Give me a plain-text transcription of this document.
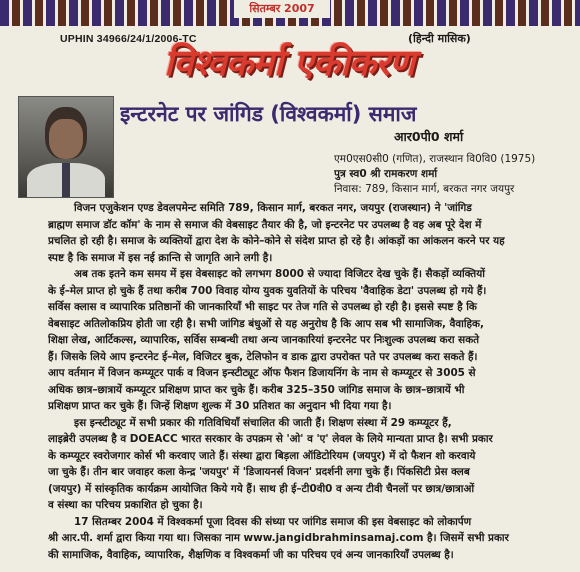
सितम्बर 2007
UPHIN 34966/24/1/2006-TC	(हिन्दी मासिक)
विश्वकर्मा एकीकरण
इन्टरनेट पर जांगिड (विश्वकर्मा) समाज
आर0पी0 शर्मा
एम0एस0सी0 (गणित), राजस्थान वि0वि0 (1975)
पुत्र स्व0 श्री रामकरण शर्मा
निवास: 789, किसान मार्ग, बरकत नगर जयपुर

विजन एजुकेशन एण्ड डेवलपमेन्ट समिति 789, किसान मार्ग, बरकत नगर, जयपुर (राजस्थान) ने 'जांगिड
ब्राह्मण समाज डॉट कॉम' के नाम से समाज की वेबसाइट तैयार की है, जो इन्टरनेट पर उपलब्ध है वह अब पूरे देश में
प्रचलित हो रही है। समाज के व्यक्तियों द्वारा देश के कोने–कोने से संदेश प्राप्त हो रहे है। आंकड़ों का आंकलन करने पर यह
स्पष्ट है कि समाज में इस नई क्रान्ति से जागृति आने लगी है।

अब तक इतने कम समय में इस वेबसाइट को लगभग 8000 से ज्यादा विजिटर देख चुके हैं। सैकड़ों व्यक्तियों
के ई–मेल प्राप्त हो चुके हैं तथा करीब 700 विवाह योग्य युवक युवतियों के परिचय 'वैवाहिक डेटा' उपलब्ध हो गये हैं।
सर्विस क्लास व व्यापारिक प्रतिष्ठानों की जानकारियाँ भी साइट पर तेज गति से उपलब्ध हो रही है। इससे स्पष्ट है कि
वेबसाइट अतिलोकप्रिय होती जा रही है। सभी जांगिड बंधुओं से यह अनुरोध है कि आप सब भी सामाजिक, वैवाहिक,
शिक्षा लेख, आर्टिकल्स, व्यापारिक, सर्विस सम्बन्धी तथा अन्य जानकारियां इन्टरनेट पर निःशुल्क उपलब्ध करा सकते
हैं। जिसके लिये आप इन्टरनेट ई–मेल, विजिटर बुक, टेलिफोन व डाक द्वारा उपरोक्त पते पर उपलब्ध करा सकते हैं।
आप वर्तमान में विजन कम्प्यूटर पार्क व विजन इन्स्टीट्यूट ऑफ फैशन डिजायनिंग के नाम से कम्प्यूटर से 3005 से
अधिक छात्र–छात्रायें कम्प्यूटर प्रशिक्षण प्राप्त कर चुके हैं। करीब 325–350 जांगिड समाज के छात्र–छात्रायें भी
प्रशिक्षण प्राप्त कर चुके हैं। जिन्हें शिक्षण शुल्क में 30 प्रतिशत का अनुदान भी दिया गया है।

इस इन्स्टीट्यूट में सभी प्रकार की गतिविधियाँ संचालित की जाती हैं। शिक्षण संस्था में 29 कम्प्यूटर हैं,
लाइब्रेरी उपलब्ध है व DOEACC भारत सरकार के उपक्रम से 'ओ' व 'ए' लेवल के लिये मान्यता प्राप्त है। सभी प्रकार
के कम्प्यूटर स्वरोजगार कोर्स भी करवाए जाते हैं। संस्था द्वारा बिड़ला ऑडिटोरियम (जयपुर) में दो फैशन शो करवाये
जा चुके हैं। तीन बार जवाहर कला केन्द्र 'जयपुर' में 'डिजायनर्स विजन' प्रदर्शनी लगा चुके हैं। पिंकसिटी प्रेस क्लब
(जयपुर) में सांस्कृतिक कार्यक्रम आयोजित किये गये हैं। साथ ही ई–टी0वी0 व अन्य टीवी चैनलों पर छात्र/छात्राओं
व संस्था का परिचय प्रकाशित हो चुका है।

17 सितम्बर 2004 में विश्वकर्मा पूजा दिवस की संध्या पर जांगिड समाज की इस वेबसाइट को लोकार्पण
श्री आर.पी. शर्मा द्वारा किया गया था। जिसका नाम www.jangidbrahminsamaj.com है। जिसमें सभी प्रकार
की सामाजिक, वैवाहिक, व्यापारिक, शैक्षणिक व विश्वकर्मा जी का परिचय एवं अन्य जानकारियाँ उपलब्ध है।
